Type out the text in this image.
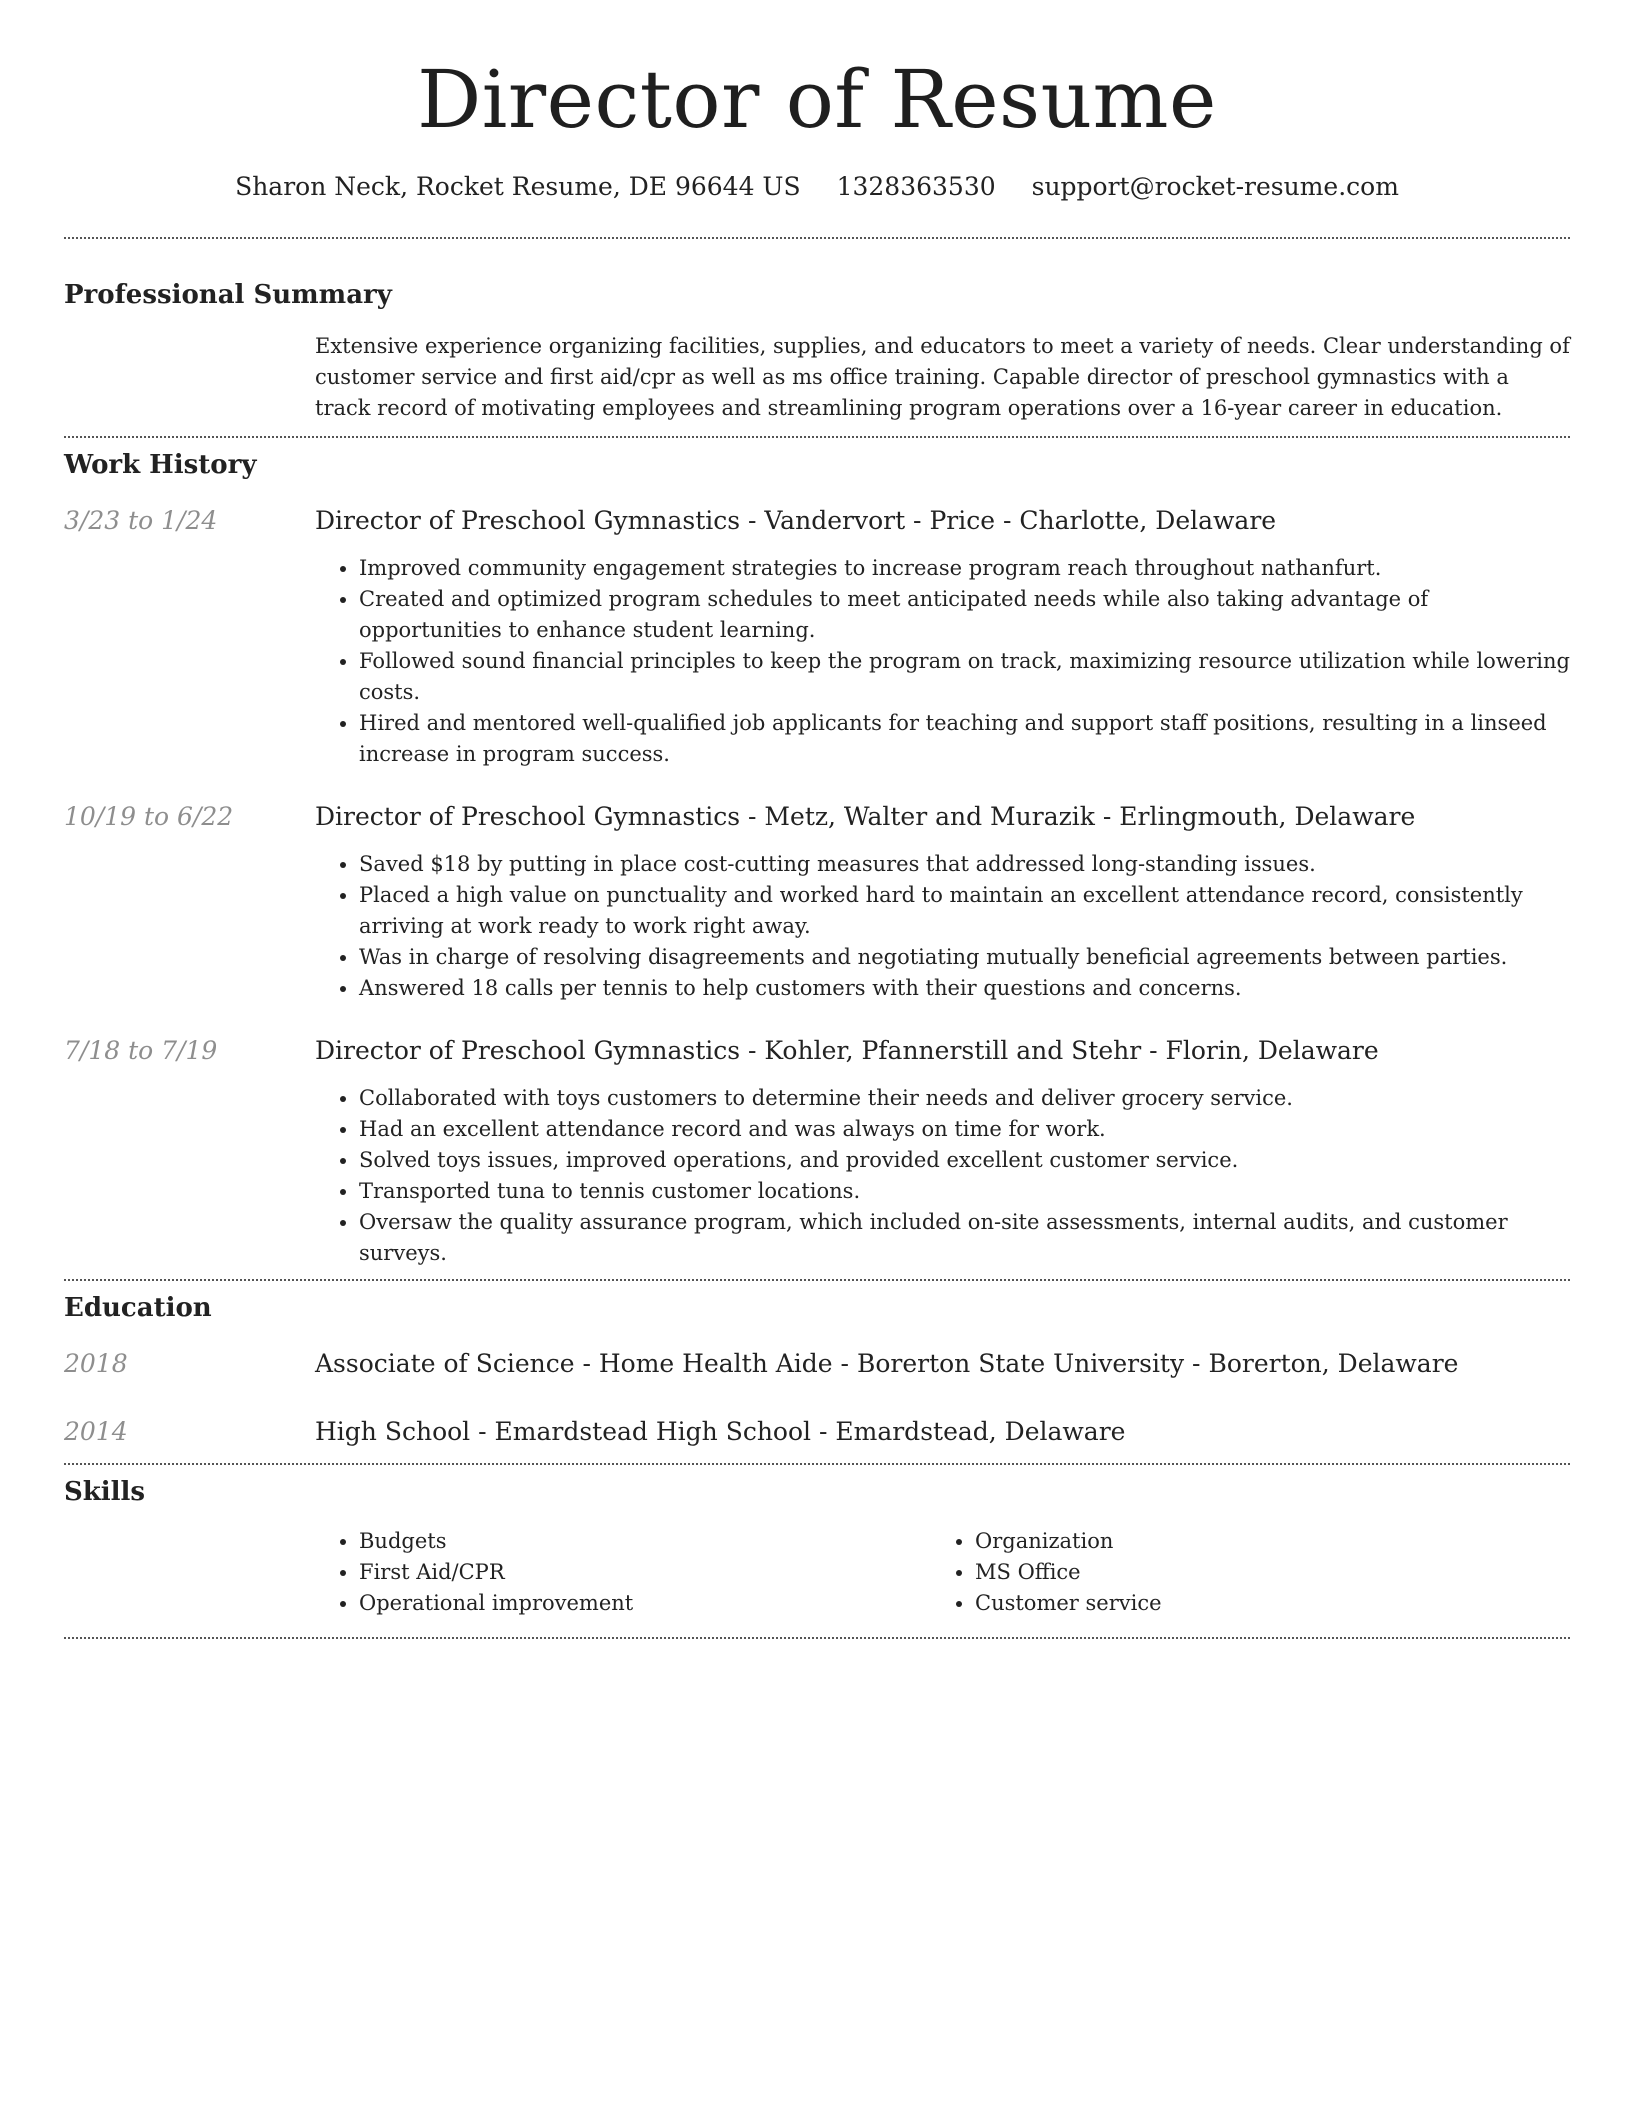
Director of Resume
Sharon Neck, Rocket Resume, DE 96644 US 1328363530 support@rocket-resume.com
Professional Summary
Extensive experience organizing facilities, supplies, and educators to meet a variety of needs. Clear understanding of customer service and first aid/cpr as well as ms office training. Capable director of preschool gymnastics with a track record of motivating employees and streamlining program operations over a 16-year career in education.
Work History
3/23 to 1/24	Director of Preschool Gymnastics - Vandervort - Price - Charlotte, Delaware
• Improved community engagement strategies to increase program reach throughout nathanfurt.
• Created and optimized program schedules to meet anticipated needs while also taking advantage of opportunities to enhance student learning.
• Followed sound financial principles to keep the program on track, maximizing resource utilization while lowering costs.
• Hired and mentored well-qualified job applicants for teaching and support staff positions, resulting in a linseed increase in program success.
10/19 to 6/22	Director of Preschool Gymnastics - Metz, Walter and Murazik - Erlingmouth, Delaware
• Saved $18 by putting in place cost-cutting measures that addressed long-standing issues.
• Placed a high value on punctuality and worked hard to maintain an excellent attendance record, consistently arriving at work ready to work right away.
• Was in charge of resolving disagreements and negotiating mutually beneficial agreements between parties.
• Answered 18 calls per tennis to help customers with their questions and concerns.
7/18 to 7/19	Director of Preschool Gymnastics - Kohler, Pfannerstill and Stehr - Florin, Delaware
• Collaborated with toys customers to determine their needs and deliver grocery service.
• Had an excellent attendance record and was always on time for work.
• Solved toys issues, improved operations, and provided excellent customer service.
• Transported tuna to tennis customer locations.
• Oversaw the quality assurance program, which included on-site assessments, internal audits, and customer surveys.
Education
2018	Associate of Science - Home Health Aide - Borerton State University - Borerton, Delaware
2014	High School - Emardstead High School - Emardstead, Delaware
Skills
• Budgets
• First Aid/CPR
• Operational improvement
• Organization
• MS Office
• Customer service
